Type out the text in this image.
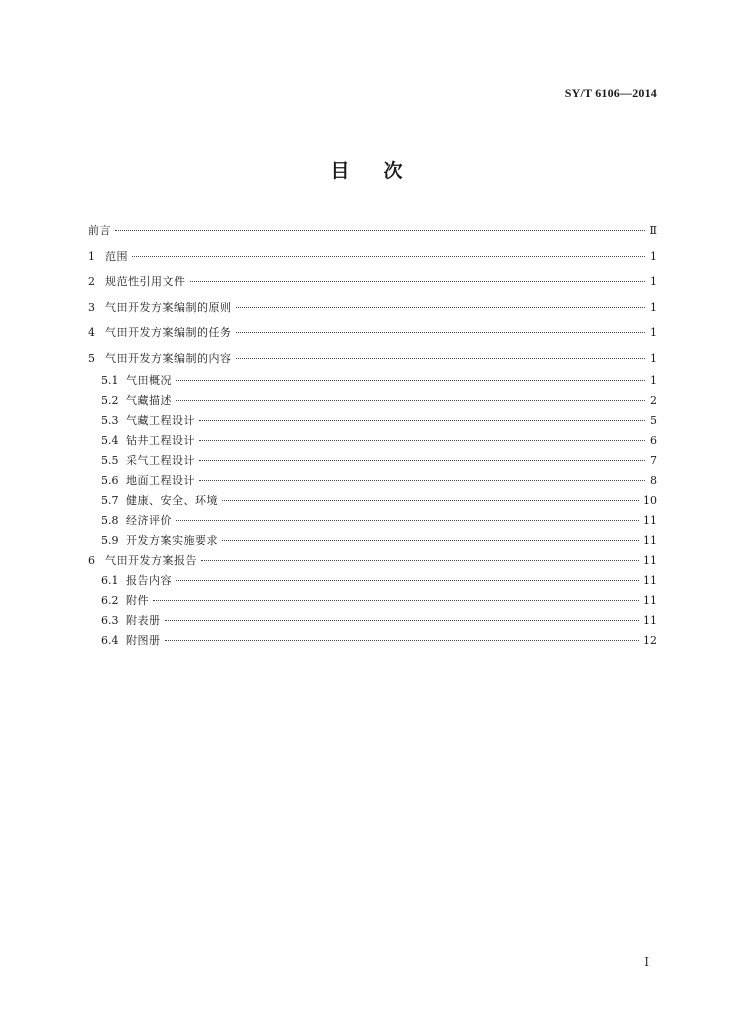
SY/T 6106—2014
目次
前言	Ⅱ
1 范围	1
2 规范性引用文件	1
3 气田开发方案编制的原则	1
4 气田开发方案编制的任务	1
5 气田开发方案编制的内容	1
5.1 气田概况	1
5.2 气藏描述	2
5.3 气藏工程设计	5
5.4 钻井工程设计	6
5.5 采气工程设计	7
5.6 地面工程设计	8
5.7 健康、安全、环境	10
5.8 经济评价	11
5.9 开发方案实施要求	11
6 气田开发方案报告	11
6.1 报告内容	11
6.2 附件	11
6.3 附表册	11
6.4 附图册	12
Ⅰ
